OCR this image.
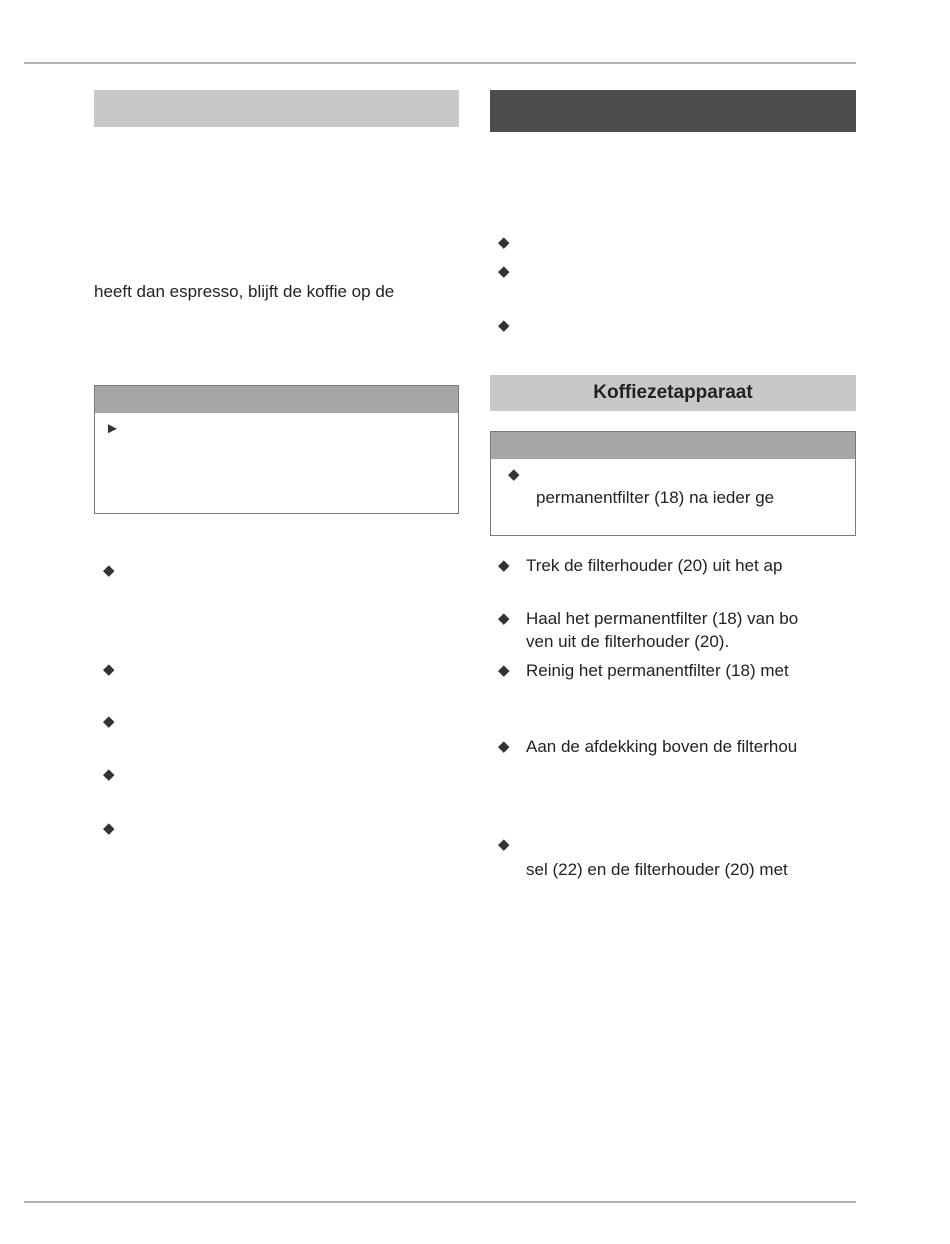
heeft dan espresso, blijft de koffie op de
►
◆
◆
◆
◆
◆
◆
◆
◆
Koffiezetapparaat
◆
permanentfilter (18) na ieder ge
◆ Trek de filterhouder (20) uit het ap
◆ Haal het permanentfilter (18) van bo
ven uit de filterhouder (20).
◆ Reinig het permanentfilter (18) met
◆ Aan de afdekking boven de filterhou
◆
sel (22) en de filterhouder (20) met
